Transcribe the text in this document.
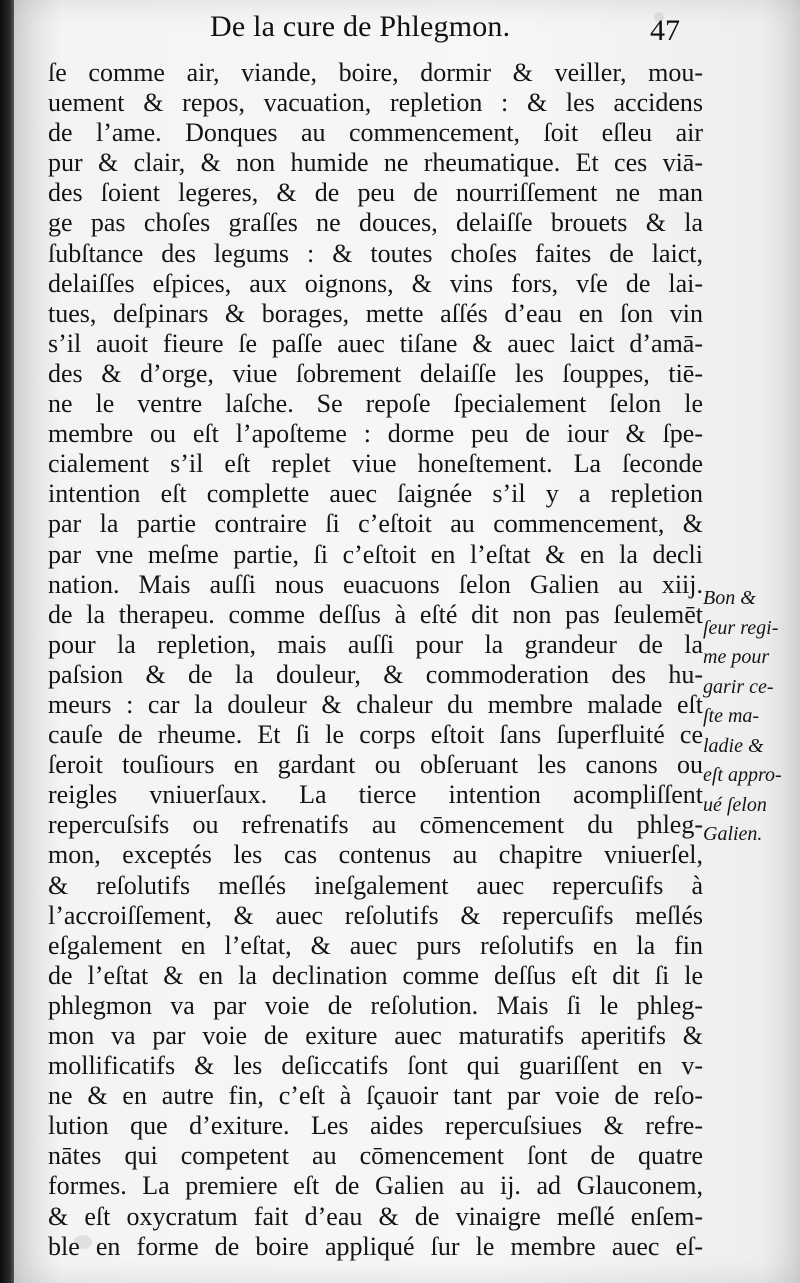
De la cure de Phlegmon.	47
ſe comme air, viande, boire, dormir & veiller, mou-
uement & repos, vacuation, repletion : & les accidens
de l’ame. Donques au commencement, ſoit eſleu air
pur & clair, & non humide ne rheumatique. Et ces viā-
des ſoient legeres, & de peu de nourriſſement ne man
ge pas choſes graſſes ne douces, delaiſſe brouets & la
ſubſtance des legums : & toutes choſes faites de laict,
delaiſſes eſpices, aux oignons, & vins fors, vſe de lai-
tues, deſpinars & borages, mette aſſés d’eau en ſon vin
s’il auoit fieure ſe paſſe auec tiſane & auec laict d’amā-
des & d’orge, viue ſobrement delaiſſe les ſouppes, tiē-
ne le ventre laſche. Se repoſe ſpecialement ſelon le
membre ou eſt l’apoſteme : dorme peu de iour & ſpe-
cialement s’il eſt replet viue honeſtement. La ſeconde
intention eſt complette auec ſaignée s’il y a repletion
par la partie contraire ſi c’eſtoit au commencement, &
par vne meſme partie, ſi c’eſtoit en l’eſtat & en la decli
nation. Mais auſſi nous euacuons ſelon Galien au xiij.
de la therapeu. comme deſſus à eſté dit non pas ſeulemēt
pour la repletion, mais auſſi pour la grandeur de la
paſsion & de la douleur, & commoderation des hu-
meurs : car la douleur & chaleur du membre malade eſt
cauſe de rheume. Et ſi le corps eſtoit ſans ſuperfluité ce
ſeroit touſiours en gardant ou obſeruant les canons ou
reigles vniuerſaux. La tierce intention acompliſſent
repercuſsifs ou refrenatifs au cōmencement du phleg-
mon, exceptés les cas contenus au chapitre vniuerſel,
& reſolutifs meſlés ineſgalement auec repercuſifs à
l’accroiſſement, & auec reſolutifs & repercuſifs meſlés
eſgalement en l’eſtat, & auec purs reſolutifs en la fin
de l’eſtat & en la declination comme deſſus eſt dit ſi le
phlegmon va par voie de reſolution. Mais ſi le phleg-
mon va par voie de exiture auec maturatifs aperitifs &
mollificatifs & les deſiccatifs ſont qui guariſſent en v-
ne & en autre fin, c’eſt à ſçauoir tant par voie de reſo-
lution que d’exiture. Les aides repercuſsiues & refre-
nātes qui competent au cōmencement ſont de quatre
formes. La premiere eſt de Galien au ij. ad Glauconem,
& eſt oxycratum fait d’eau & de vinaigre meſlé enſem-
ble en forme de boire appliqué ſur le membre auec eſ-
Bon &
ſeur regi-
me pour
garir ce-
ſte ma-
ladie &
eſt appro-
ué ſelon
Galien.
